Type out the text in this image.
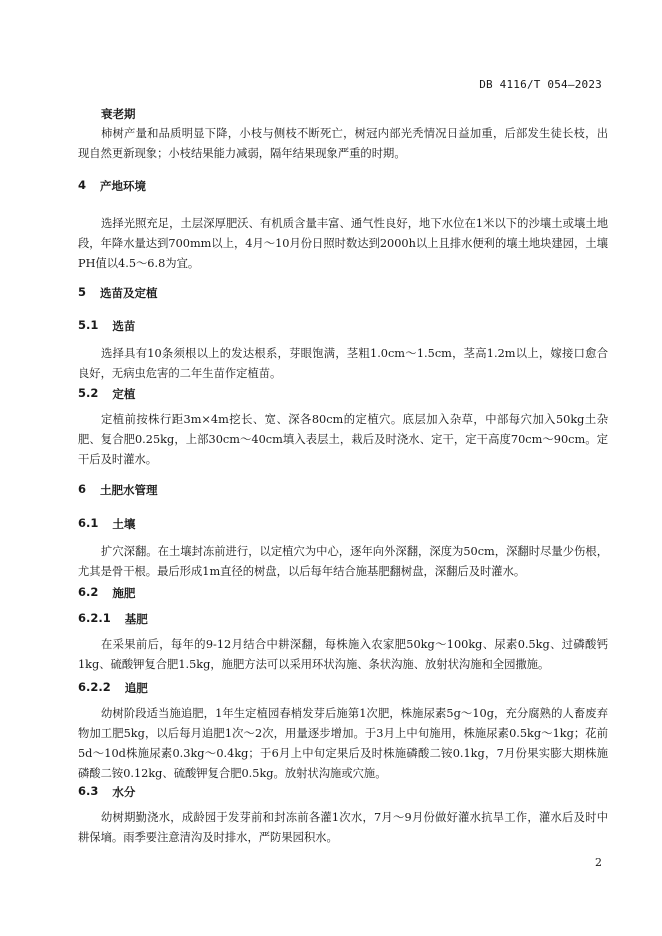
DB 4116/T 054—2023

衰老期

柿树产量和品质明显下降，小枝与侧枝不断死亡，树冠内部光秃情况日益加重，后部发生徒长枝，出现自然更新现象；小枝结果能力减弱，隔年结果现象严重的时期。

4 产地环境

选择光照充足，土层深厚肥沃、有机质含量丰富、通气性良好，地下水位在1米以下的沙壤土或壤土地段，年降水量达到700mm以上，4月～10月份日照时数达到2000h以上且排水便利的壤土地块建园，土壤PH值以4.5～6.8为宜。

5 选苗及定植
5.1 选苗

选择具有10条须根以上的发达根系，芽眼饱满，茎粗1.0cm～1.5cm，茎高1.2m以上，嫁接口愈合良好，无病虫危害的二年生苗作定植苗。

5.2 定植

定植前按株行距3m×4m挖长、宽、深各80cm的定植穴。底层加入杂草，中部每穴加入50kg土杂肥、复合肥0.25kg，上部30cm～40cm填入表层土，栽后及时浇水、定干，定干高度70cm～90cm。定干后及时灌水。

6 土肥水管理
6.1 土壤

扩穴深翻。在土壤封冻前进行，以定植穴为中心，逐年向外深翻，深度为50cm，深翻时尽量少伤根，尤其是骨干根。最后形成1m直径的树盘，以后每年结合施基肥翻树盘，深翻后及时灌水。

6.2 施肥
6.2.1 基肥

在采果前后，每年的9-12月结合中耕深翻，每株施入农家肥50kg～100kg、尿素0.5kg、过磷酸钙1kg、硫酸钾复合肥1.5kg，施肥方法可以采用环状沟施、条状沟施、放射状沟施和全园撒施。

6.2.2 追肥

幼树阶段适当施追肥，1年生定植园春梢发芽后施第1次肥，株施尿素5g～10g，充分腐熟的人畜废弃物加工肥5kg，以后每月追肥1次～2次，用量逐步增加。于3月上中旬施用，株施尿素0.5kg～1kg；花前5d～10d株施尿素0.3kg～0.4kg；于6月上中旬定果后及时株施磷酸二铵0.1kg，7月份果实膨大期株施磷酸二铵0.12kg、硫酸钾复合肥0.5kg。放射状沟施或穴施。

6.3 水分

幼树期勤浇水，成龄园于发芽前和封冻前各灌1次水，7月～9月份做好灌水抗旱工作，灌水后及时中耕保墒。雨季要注意清沟及时排水，严防果园积水。

2
